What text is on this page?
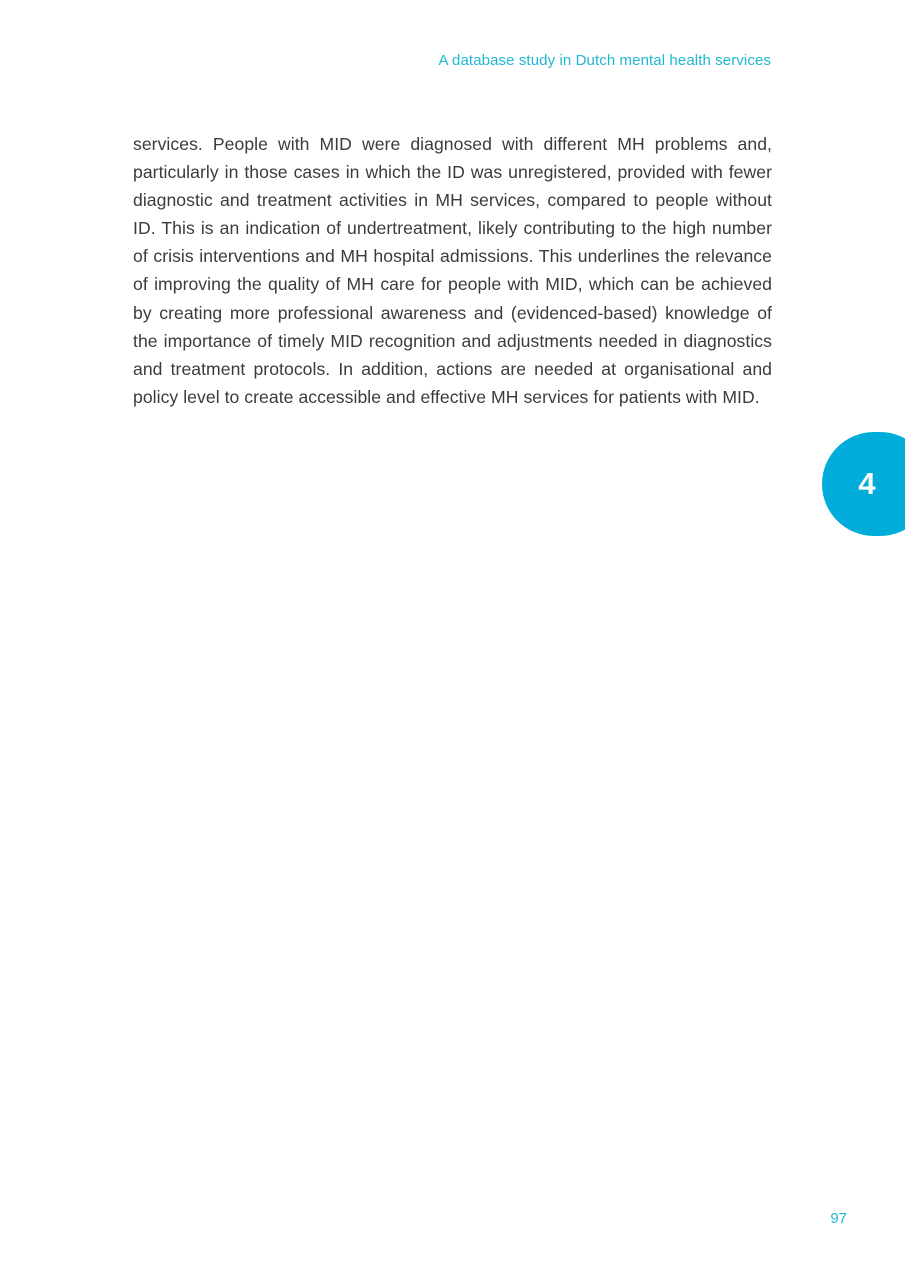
A database study in Dutch mental health services

services. People with MID were diagnosed with different MH problems and, particularly in those cases in which the ID was unregistered, provided with fewer diagnostic and treatment activities in MH services, compared to people without ID. This is an indication of undertreatment, likely contributing to the high number of crisis interventions and MH hospital admissions. This underlines the relevance of improving the quality of MH care for people with MID, which can be achieved by creating more professional awareness and (evidenced-based) knowledge of the importance of timely MID recognition and adjustments needed in diagnostics and treatment protocols. In addition, actions are needed at organisational and policy level to create accessible and effective MH services for patients with MID.

4
97
